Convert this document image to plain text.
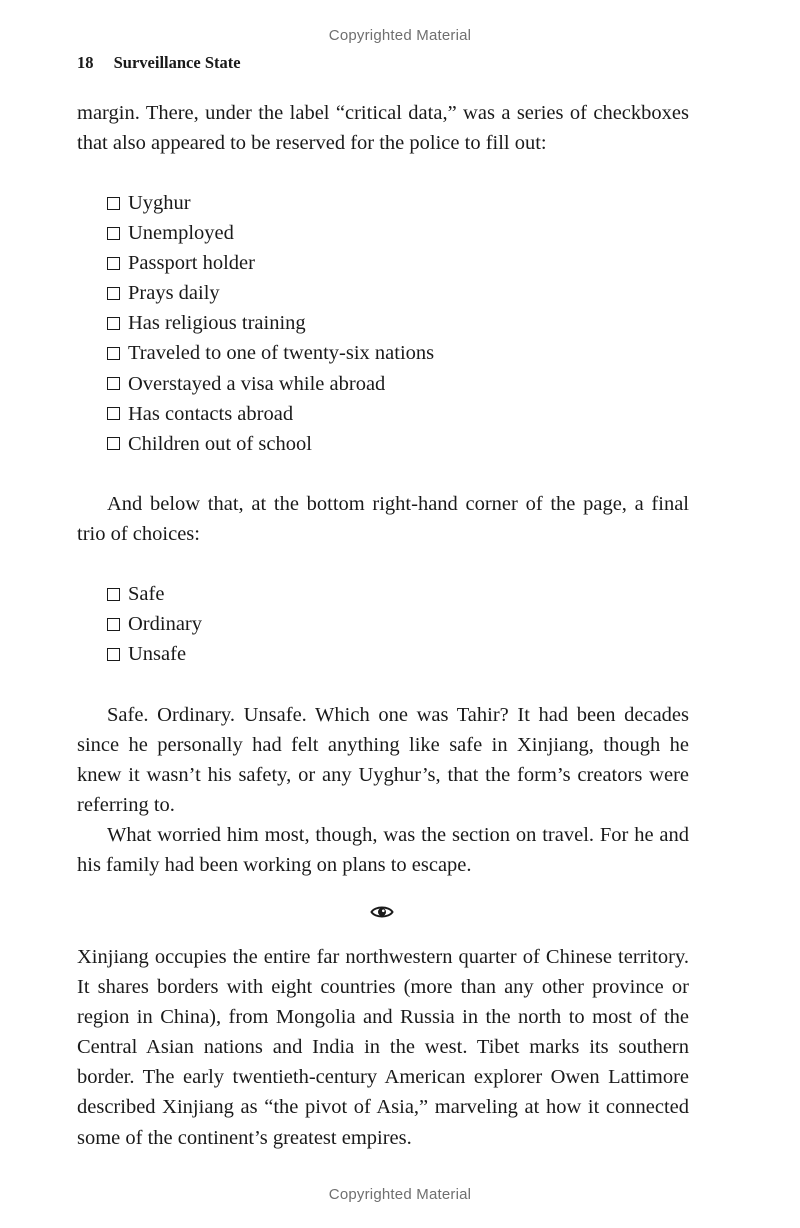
Copyrighted Material
18 Surveillance State

margin. There, under the label “critical data,” was a series of checkboxes that also appeared to be reserved for the police to fill out:

Uyghur
Unemployed
Passport holder
Prays daily
Has religious training
Traveled to one of twenty-six nations
Overstayed a visa while abroad
Has contacts abroad
Children out of school

And below that, at the bottom right-hand corner of the page, a final trio of choices:

Safe
Ordinary
Unsafe

Safe. Ordinary. Unsafe. Which one was Tahir? It had been decades since he personally had felt anything like safe in Xinjiang, though he knew it wasn’t his safety, or any Uyghur’s, that the form’s creators were referring to.

What worried him most, though, was the section on travel. For he and his family had been working on plans to escape.

Xinjiang occupies the entire far northwestern quarter of Chinese territory. It shares borders with eight countries (more than any other province or region in China), from Mongolia and Russia in the north to most of the Central Asian nations and India in the west. Tibet marks its southern border. The early twentieth-century American explorer Owen Lattimore described Xinjiang as “the pivot of Asia,” marveling at how it connected some of the continent’s greatest empires.

Copyrighted Material
